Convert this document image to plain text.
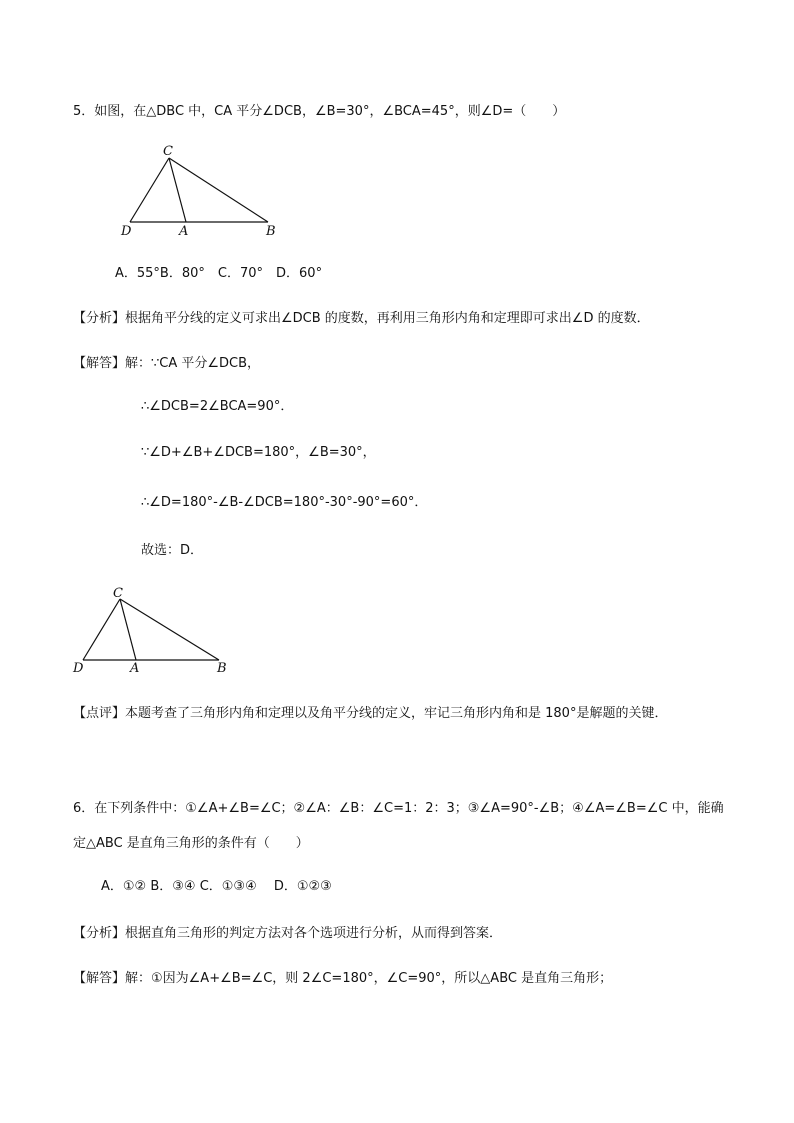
5．如图，在△DBC 中，CA 平分∠DCB，∠B=30°，∠BCA=45°，则∠D=（　　）
C
D	A	B
A．55°B．80°　C．70°　D．60°
【分析】根据角平分线的定义可求出∠DCB 的度数，再利用三角形内角和定理即可求出∠D 的度数．
【解答】解：∵CA 平分∠DCB，
∴∠DCB=2∠BCA=90°．
∵∠D+∠B+∠DCB=180°，∠B=30°，
∴∠D=180°-∠B-∠DCB=180°-30°-90°=60°．
故选：D．
C
D	A	B
【点评】本题考查了三角形内角和定理以及角平分线的定义，牢记三角形内角和是 180°是解题的关键．
6．在下列条件中：①∠A+∠B=∠C；②∠A：∠B：∠C=1：2：3；③∠A=90°-∠B；④∠A=∠B=∠C 中，能确
定△ABC 是直角三角形的条件有（　　）
A．①② B．③④ C．①③④　 D．①②③
【分析】根据直角三角形的判定方法对各个选项进行分析，从而得到答案．
【解答】解：①因为∠A+∠B=∠C，则 2∠C=180°，∠C=90°，所以△ABC 是直角三角形；
